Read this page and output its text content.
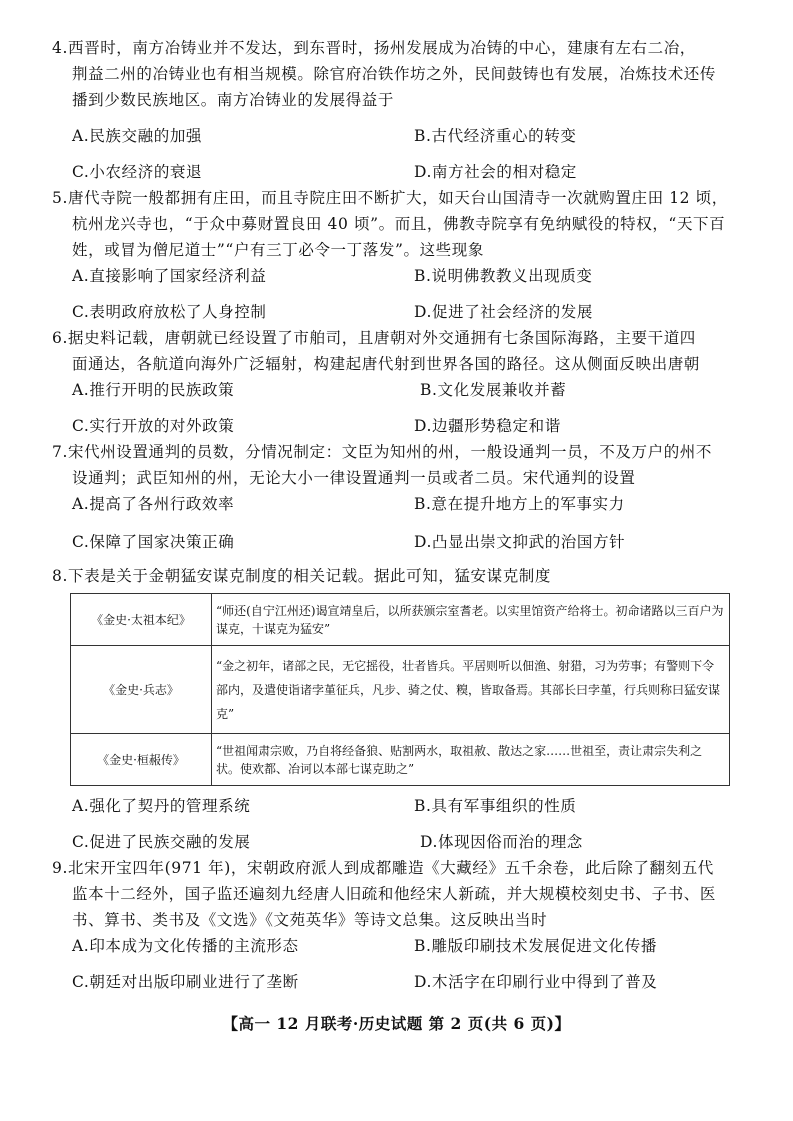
4.西晋时，南方冶铸业并不发达，到东晋时，扬州发展成为冶铸的中心，建康有左右二冶，
荆益二州的冶铸业也有相当规模。除官府冶铁作坊之外，民间鼓铸也有发展，冶炼技术还传
播到少数民族地区。南方冶铸业的发展得益于
A.民族交融的加强	B.古代经济重心的转变
C.小农经济的衰退	D.南方社会的相对稳定
5.唐代寺院一般都拥有庄田，而且寺院庄田不断扩大，如天台山国清寺一次就购置庄田 12 顷，
杭州龙兴寺也，“于众中募财置良田 40 顷”。而且，佛教寺院享有免纳赋役的特权，“天下百
姓，或冒为僧尼道士”“户有三丁必令一丁落发”。这些现象
A.直接影响了国家经济利益	B.说明佛教教义出现质变
C.表明政府放松了人身控制	D.促进了社会经济的发展
6.据史料记载，唐朝就已经设置了市舶司，且唐朝对外交通拥有七条国际海路，主要干道四
面通达，各航道向海外广泛辐射，构建起唐代射到世界各国的路径。这从侧面反映出唐朝
A.推行开明的民族政策	B.文化发展兼收并蓄
C.实行开放的对外政策	D.边疆形势稳定和谐
7.宋代州设置通判的员数，分情况制定：文臣为知州的州，一般设通判一员，不及万户的州不
设通判；武臣知州的州，无论大小一律设置通判一员或者二员。宋代通判的设置
A.提高了各州行政效率	B.意在提升地方上的军事实力
C.保障了国家决策正确	D.凸显出崇文抑武的治国方针
8.下表是关于金朝猛安谋克制度的相关记载。据此可知，猛安谋克制度
《金史·太祖本纪》	“师还(自宁江州还)谒宣靖皇后，以所获颁宗室耆老。以实里馆资产给将士。初命诸路以三百户为谋克，十谋克为猛安”
《金史·兵志》	“金之初年，诸部之民，无它摇役，壮者皆兵。平居则听以佃渔、射猎，习为劳事；有警则下令部内，及遣使诣诸孛堇征兵，凡步、骑之仗、糗，皆取备焉。其部长曰孛堇，行兵则称曰猛安谋克”
《金史·桓赧传》	“世祖闻肃宗败，乃自将经备狼、贴割两水，取祖赦、散达之家……世祖至，责让肃宗失利之状。使欢都、冶诃以本部七谋克助之”
A.强化了契丹的管理系统	B.具有军事组织的性质
C.促进了民族交融的发展	D.体现因俗而治的理念
9.北宋开宝四年(971 年)，宋朝政府派人到成都雕造《大藏经》五千余卷，此后除了翻刻五代
监本十二经外，国子监还遍刻九经唐人旧疏和他经宋人新疏，并大规模校刻史书、子书、医
书、算书、类书及《文选》《文苑英华》等诗文总集。这反映出当时
A.印本成为文化传播的主流形态	B.雕版印刷技术发展促进文化传播
C.朝廷对出版印刷业进行了垄断	D.木活字在印刷行业中得到了普及
【高一 12 月联考·历史试题 第 2 页(共 6 页)】
